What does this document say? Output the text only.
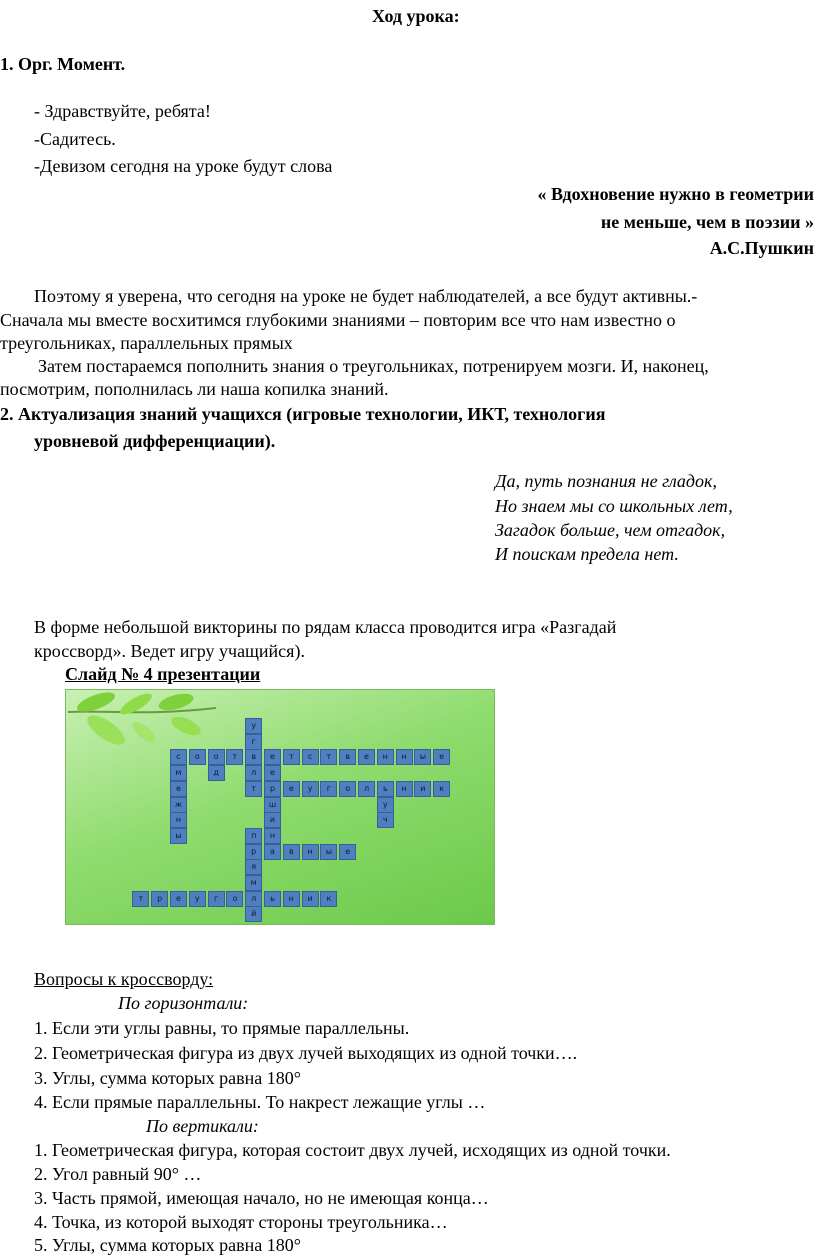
Ход урока:
1. Орг. Момент.
- Здравствуйте, ребята!
-Садитесь.
-Девизом сегодня на уроке будут слова
« Вдохновение нужно в геометрии
не меньше, чем в поэзии »
А.С.Пушкин
Поэтому я уверена, что сегодня на уроке не будет наблюдателей, а все будут активны.-
Сначала мы вместе восхитимся глубокими знаниями – повторим все что нам известно о
треугольниках, параллельных прямых
Затем постараемся пополнить знания о треугольниках, потренируем мозги. И, наконец,
посмотрим, пополнилась ли наша копилка знаний.
2. Актуализация знаний учащихся (игровые технологии, ИКТ, технология
уровневой дифференциации).
Да, путь познания не гладок,
Но знаем мы со школьных лет,
Загадок больше, чем отгадок,
И поискам предела нет.
В форме небольшой викторины по рядам класса проводится игра «Разгадай
кроссворд». Ведет игру учащийся).
Слайд № 4 презентации
у
г
с	о	о	т	в	е	т	с	т	в	е	н	н	ы	е
м	д	л	е
е	т	р	е	у	г	о	л	ь	н	и	к
ж	ш	у
н	и	ч
ы	п	н
р	а	в	н	ы	е
я
м
т	р	е	у	г	о	л	ь	н	и	к
й
Вопросы к кроссворду:
По горизонтали:
1. Если эти углы равны, то прямые параллельны.
2. Геометрическая фигура из двух лучей выходящих из одной точки….
3. Углы, сумма которых равна 180°
4. Если прямые параллельны. То накрест лежащие углы …
По вертикали:
1. Геометрическая фигура, которая состоит двух лучей, исходящих из одной точки.
2. Угол равный 90° …
3. Часть прямой, имеющая начало, но не имеющая конца…
4. Точка, из которой выходят стороны треугольника…
5. Углы, сумма которых равна 180°
